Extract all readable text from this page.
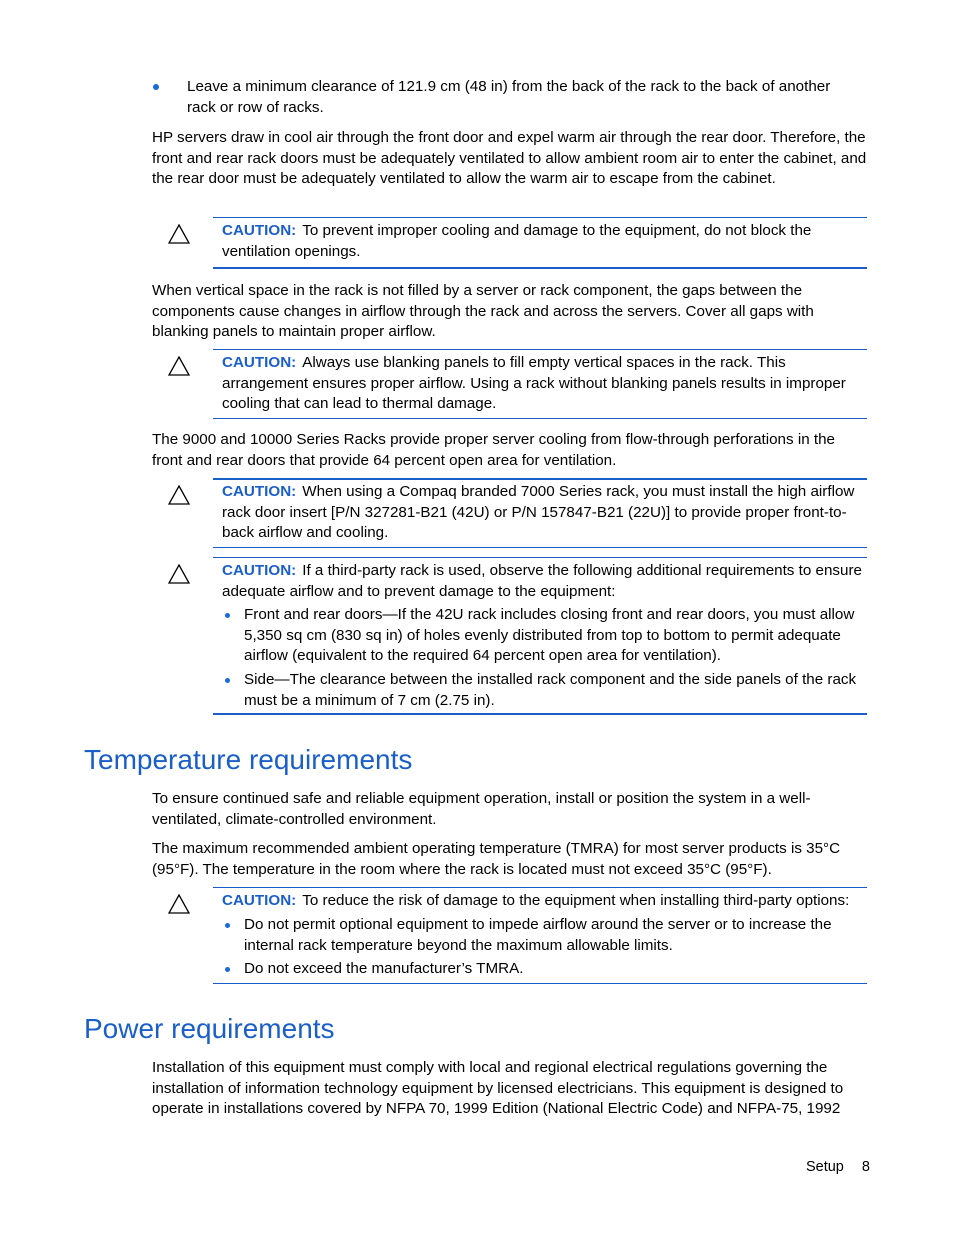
Leave a minimum clearance of 121.9 cm (48 in) from the back of the rack to the back of another rack or row of racks.

HP servers draw in cool air through the front door and expel warm air through the rear door. Therefore, the front and rear rack doors must be adequately ventilated to allow ambient room air to enter the cabinet, and the rear door must be adequately ventilated to allow the warm air to escape from the cabinet.

CAUTION: To prevent improper cooling and damage to the equipment, do not block the ventilation openings.

When vertical space in the rack is not filled by a server or rack component, the gaps between the components cause changes in airflow through the rack and across the servers. Cover all gaps with blanking panels to maintain proper airflow.

CAUTION: Always use blanking panels to fill empty vertical spaces in the rack. This arrangement ensures proper airflow. Using a rack without blanking panels results in improper cooling that can lead to thermal damage.

The 9000 and 10000 Series Racks provide proper server cooling from flow-through perforations in the front and rear doors that provide 64 percent open area for ventilation.

CAUTION: When using a Compaq branded 7000 Series rack, you must install the high airflow rack door insert [P/N 327281-B21 (42U) or P/N 157847-B21 (22U)] to provide proper front-to-back airflow and cooling.
CAUTION: If a third-party rack is used, observe the following additional requirements to ensure adequate airflow and to prevent damage to the equipment:
Front and rear doors—If the 42U rack includes closing front and rear doors, you must allow 5,350 sq cm (830 sq in) of holes evenly distributed from top to bottom to permit adequate airflow (equivalent to the required 64 percent open area for ventilation).
Side—The clearance between the installed rack component and the side panels of the rack must be a minimum of 7 cm (2.75 in).
Temperature requirements

To ensure continued safe and reliable equipment operation, install or position the system in a well-ventilated, climate-controlled environment.

The maximum recommended ambient operating temperature (TMRA) for most server products is 35°C (95°F). The temperature in the room where the rack is located must not exceed 35°C (95°F).

CAUTION: To reduce the risk of damage to the equipment when installing third-party options:
Do not permit optional equipment to impede airflow around the server or to increase the internal rack temperature beyond the maximum allowable limits.
Do not exceed the manufacturer’s TMRA.
Power requirements

Installation of this equipment must comply with local and regional electrical regulations governing the installation of information technology equipment by licensed electricians. This equipment is designed to operate in installations covered by NFPA 70, 1999 Edition (National Electric Code) and NFPA-75, 1992

Setup 8
